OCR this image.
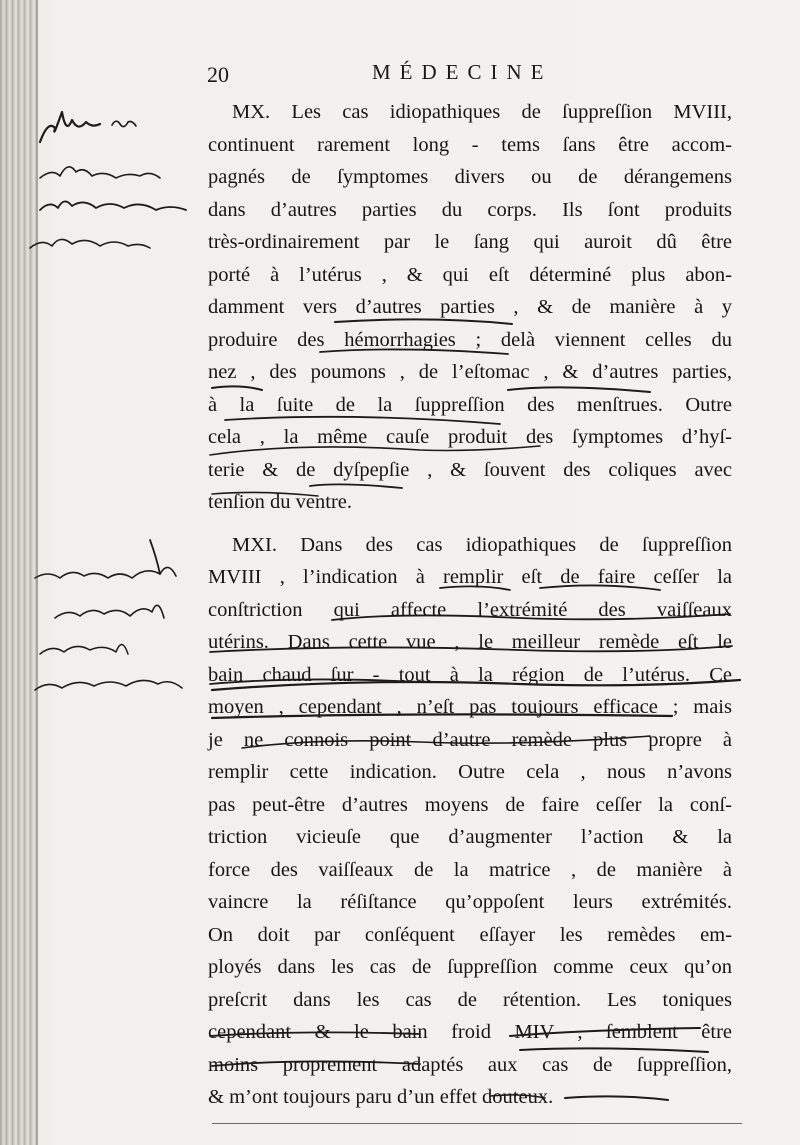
20	MÉDECINE
MX. Les cas idiopathiques de ſuppreſſion MVIII,
continuent rarement long - tems ſans être accom-
pagnés de ſymptomes divers ou de dérangemens
dans d’autres parties du corps. Ils ſont produits
très-ordinairement par le ſang qui auroit dû être
porté à l’utérus , & qui eſt déterminé plus abon-
damment vers d’autres parties , & de manière à y
produire des hémorrhagies ; delà viennent celles du
nez , des poumons , de l’eſtomac , & d’autres parties,
à la ſuite de la ſuppreſſion des menſtrues. Outre
cela , la même cauſe produit des ſymptomes d’hyſ-
terie & de dyſpepſie , & ſouvent des coliques avec
tenſion du ventre.
MXI. Dans des cas idiopathiques de ſuppreſſion
MVIII , l’indication à remplir eſt de faire ceſſer la
conſtriction qui affecte l’extrémité des vaiſſeaux
utérins. Dans cette vue , le meilleur remède eſt le
bain chaud ſur - tout à la région de l’utérus. Ce
moyen , cependant , n’eſt pas toujours efficace ; mais
je ne connois point d’autre remède plus propre à
remplir cette indication. Outre cela , nous n’avons
pas peut-être d’autres moyens de faire ceſſer la conſ-
triction vicieuſe que d’augmenter l’action & la
force des vaiſſeaux de la matrice , de manière à
vaincre la réſiſtance qu’oppoſent leurs extrémités.
On doit par conſéquent eſſayer les remèdes em-
ployés dans les cas de ſuppreſſion comme ceux qu’on
preſcrit dans les cas de rétention. Les toniques
cependant & le bain froid MIV , ſemblent être
moins proprement adaptés aux cas de ſuppreſſion,
& m’ont toujours paru d’un effet douteux.
